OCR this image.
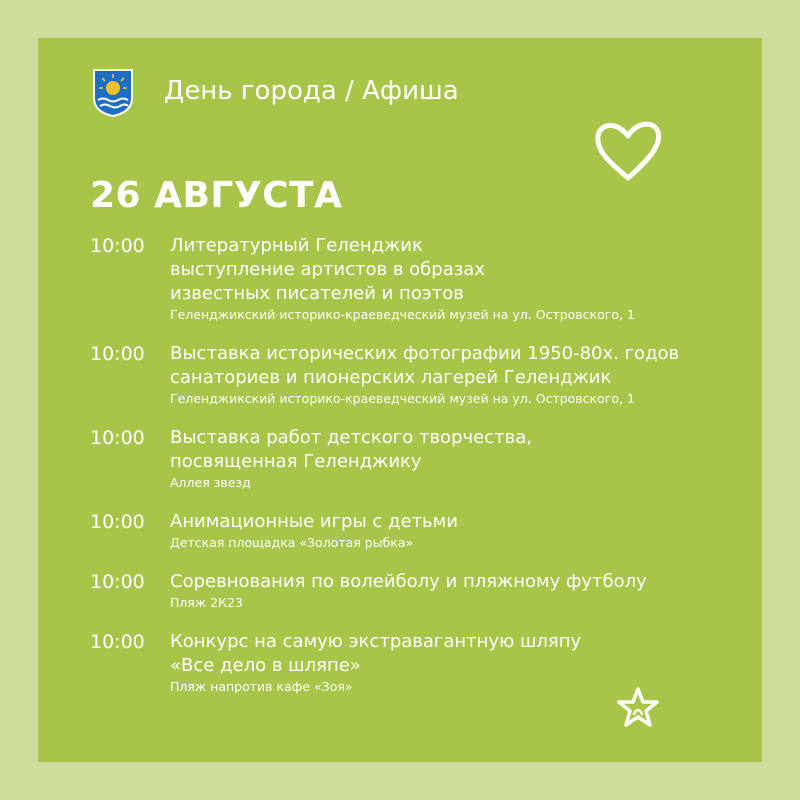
День города / Афиша
26 АВГУСТА
10:00 Литературный Геленджик
выступление артистов в образах
известных писателей и поэтов
Геленджикский историко-краеведческий музей на ул. Островского, 1
10:00 Выставка исторических фотографии 1950-80х. годов
санаториев и пионерских лагерей Геленджик
Геленджикский историко-краеведческий музей на ул. Островского, 1
10:00 Выставка работ детского творчества,
посвященная Геленджику
Аллея звезд
10:00 Анимационные игры с детьми
Детская площадка «Золотая рыбка»
10:00 Соревнования по волейболу и пляжному футболу
Пляж 2К23
10:00 Конкурс на самую экстравагантную шляпу
«Все дело в шляпе»
Пляж напротив кафе «Зоя»
